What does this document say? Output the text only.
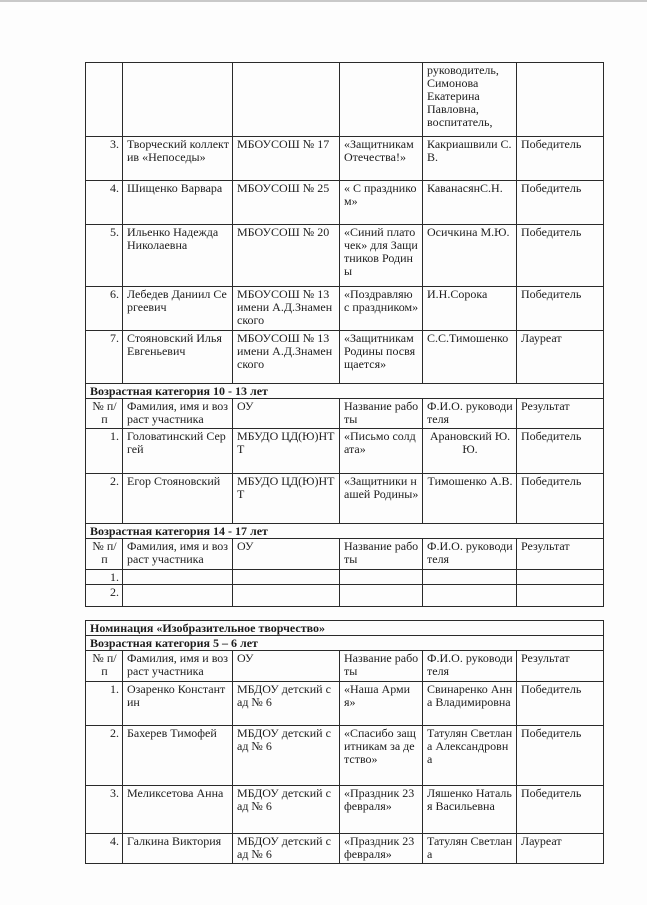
				руководитель,
Симонова
Екатерина
Павловна,
воспитатель,	
3.	Творческий коллектив «Непоседы»	МБОУСОШ № 17	«Защитникам Отечества!»	Какриашвили С.В.	Победитель
4.	Шищенко Варвара	МБОУСОШ № 25	« С праздником»	КаванасянС.Н.	Победитель
5.	Ильенко Надежда Николаевна	МБОУСОШ № 20	«Синий платочек» для Защитников Родины	Осичкина М.Ю.	Победитель
6.	Лебедев Даниил Сергеевич	МБОУСОШ № 13 имени А.Д.Знаменского	«Поздравляю с праздником»	И.Н.Сорока	Победитель
7.	Стояновский Илья Евгеньевич	МБОУСОШ № 13 имени А.Д.Знаменского	«Защитникам Родины посвящается»	С.С.Тимошенко	Лауреат
Возрастная категория 10 - 13 лет					
№ п/п	Фамилия, имя и возраст участника	ОУ	Название работы	Ф.И.О. руководителя	Результат
1.	Головатинский Сергей	МБУДО ЦД(Ю)НТТ	«Письмо солдата»	Арановский Ю.Ю.	Победитель
2.	Егор Стояновский	МБУДО ЦД(Ю)НТТ	«Защитники нашей Родины»	Тимошенко А.В.	Победитель
Возрастная категория 14 - 17 лет					
№ п/п	Фамилия, имя и возраст участника	ОУ	Название работы	Ф.И.О. руководителя	Результат
1.					
2.					

Номинация «Изобразительное творчество»					
Возрастная категория 5 – 6 лет					
№ п/п	Фамилия, имя и возраст участника	ОУ	Название работы	Ф.И.О. руководителя	Результат
1.	Озаренко Константин	МБДОУ детский сад № 6	«Наша Армия»	Свинаренко Анна Владимировна	Победитель
2.	Бахерев Тимофей	МБДОУ детский сад № 6	«Спасибо защитникам за детство»	Татулян Светлана Александровна	Победитель
3.	Меликсетова Анна	МБДОУ детский сад № 6	«Праздник 23 февраля»	Ляшенко Наталья Васильевна	Победитель
4.	Галкина Виктория	МБДОУ детский сад № 6	«Праздник 23 февраля»	Татулян Светлана	Лауреат
